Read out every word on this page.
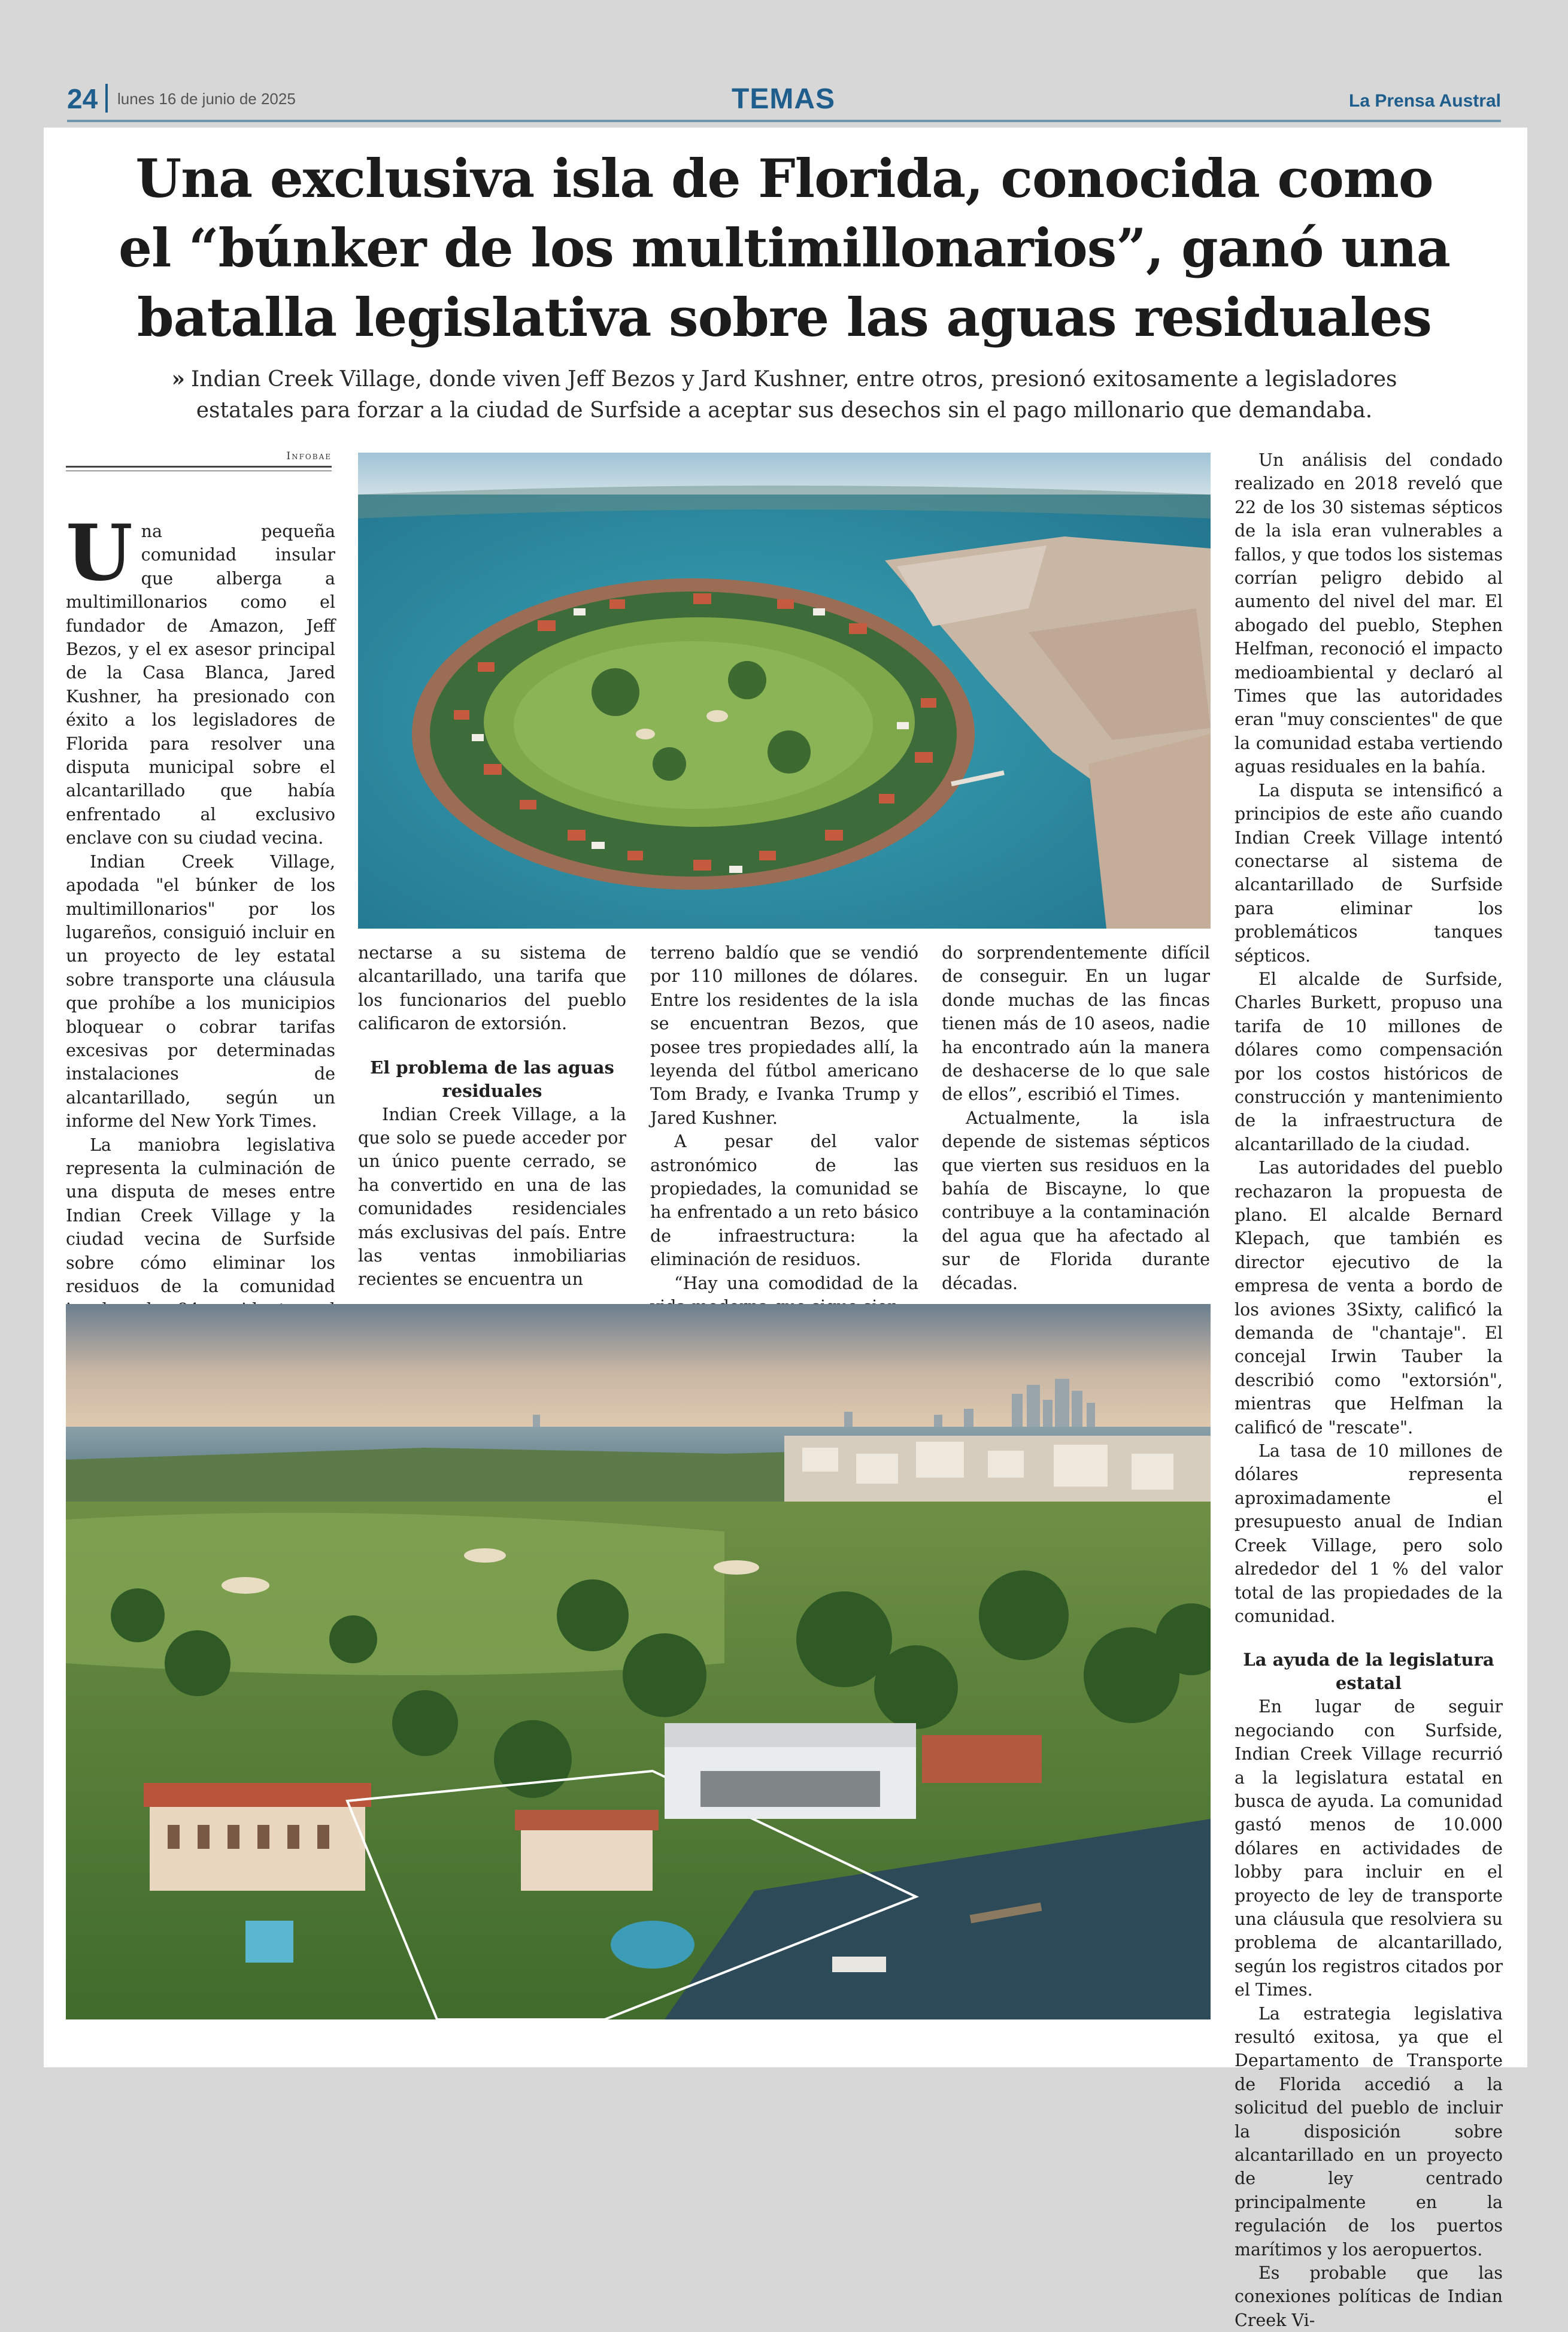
24 lunes 16 de junio de 2025	TEMAS	La Prensa Austral
Una exclusiva isla de Florida, conocida como
el “búnker de los multimillonarios”, ganó una
batalla legislativa sobre las aguas residuales
» Indian Creek Village, donde viven Jeff Bezos y Jard Kushner, entre otros, presionó exitosamente a legisladores estatales para forzar a la ciudad de Surfside a aceptar sus desechos sin el pago millonario que demandaba.
Infobae

Una pequeña comunidad insular que alberga a multimillonarios como el fundador de Amazon, Jeff Bezos, y el ex asesor principal de la Casa Blanca, Jared Kushner, ha presionado con éxito a los legisladores de Florida para resolver una disputa municipal sobre el alcantarillado que había enfrentado al exclusivo enclave con su ciudad vecina.

Indian Creek Village, apodada "el búnker de los multimillonarios" por los lugareños, consiguió incluir en un proyecto de ley estatal sobre transporte una cláusula que prohíbe a los municipios bloquear o cobrar tarifas excesivas por determinadas instalaciones de alcantarillado, según un informe del New York Times.

La maniobra legislativa representa la culminación de una disputa de meses entre Indian Creek Village y la ciudad vecina de Surfside sobre cómo eliminar los residuos de la comunidad

nectarse a su sistema de alcantarillado, una tarifa que los funcionarios del pueblo calificaron de extorsión.

El problema de las aguas residuales

Indian Creek Village, a la que solo se puede acceder por un único puente cerrado, se ha convertido en una de las comunidades residenciales más exclusivas del país. Entre las ventas inmobiliarias recientes se encuentra un

terreno baldío que se vendió por 110 millones de dólares. Entre los residentes de la isla se encuentran Bezos, que posee tres propiedades allí, la leyenda del fútbol americano Tom Brady, e Ivanka Trump y Jared Kushner.

A pesar del valor astronómico de las propiedades, la comunidad se ha enfrentado a un reto básico de infraestructura: la eliminación de residuos.

“Hay una comodidad de la

do sorprendentemente difícil de conseguir. En un lugar donde muchas de las fincas tienen más de 10 aseos, nadie ha encontrado aún la manera de deshacerse de lo que sale de ellos”, escribió el Times.

Actualmente, la isla depende de sistemas sépticos que vierten sus residuos en la bahía de Biscayne, lo que contribuye a la contaminación del agua que ha afectado al sur de Florida durante décadas.

Un análisis del condado realizado en 2018 reveló que 22 de los 30 sistemas sépticos de la isla eran vulnerables a fallos, y que todos los sistemas corrían peligro debido al aumento del nivel del mar. El abogado del pueblo, Stephen Helfman, reconoció el impacto medioambiental y declaró al Times que las autoridades eran "muy conscientes" de que la comunidad estaba vertiendo aguas residuales en la bahía.

La disputa se intensificó a principios de este año cuando Indian Creek Village intentó conectarse al sistema de alcantarillado de Surfside para eliminar los problemáticos tanques sépticos.

El alcalde de Surfside, Charles Burkett, propuso una tarifa de 10 millones de dólares como compensación por los costos históricos de construcción y mantenimiento de la infraestructura de alcantarillado de la ciudad.

Las autoridades del pueblo rechazaron la propuesta de plano. El alcalde Bernard Klepach, que también es director ejecutivo de la empresa de venta a bordo de los aviones 3Sixty, calificó la demanda de "chantaje". El concejal Irwin Tauber la describió como "extorsión", mientras que Helfman la calificó de "rescate".

La tasa de 10 millones de dólares representa aproximadamente el presupuesto anual de Indian Creek Village, pero solo alrededor del 1 % del valor total de las propiedades de la comunidad.

La ayuda de la legislatura estatal

En lugar de seguir negociando con Surfside, Indian Creek Village recurrió a la legislatura estatal en busca de ayuda. La comunidad gastó menos de 10.000 dólares en actividades de lobby para incluir en el proyecto de ley de transporte una cláusula que resolviera su problema de alcantarillado, según los registros citados por el Times.

La estrategia legislativa resultó exitosa, ya que el Departamento de Transporte de Florida accedió a la solicitud del pueblo de incluir la disposición sobre alcantarillado en un proyecto de ley centrado principalmente en la regulación de los puertos marítimos y los aeropuertos.

Es probable que las conexiones políticas de Indian Creek Vi-
